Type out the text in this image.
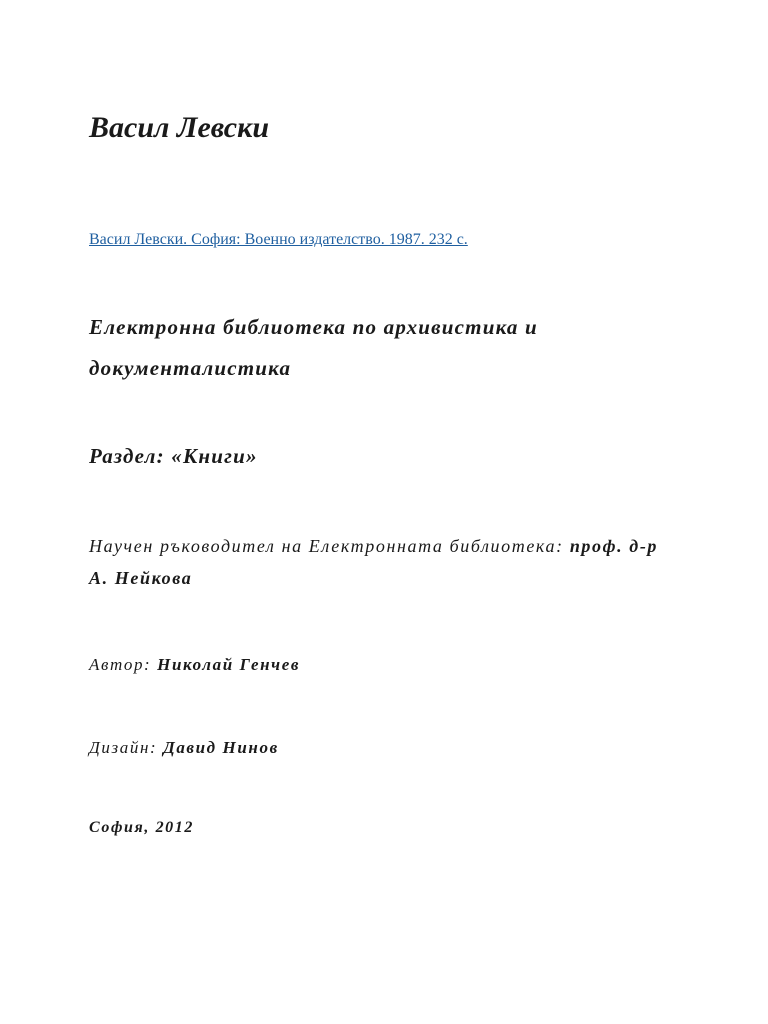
Васил Левски
Васил Левски. София: Военно издателство. 1987. 232 с.
Електронна библиотека по архивистика и документалистика
Раздел: «Книги»
Научен ръководител на Електронната библиотека: проф. д-р А. Нейкова
Автор: Николай Генчев
Дизайн: Давид Нинов
София, 2012
